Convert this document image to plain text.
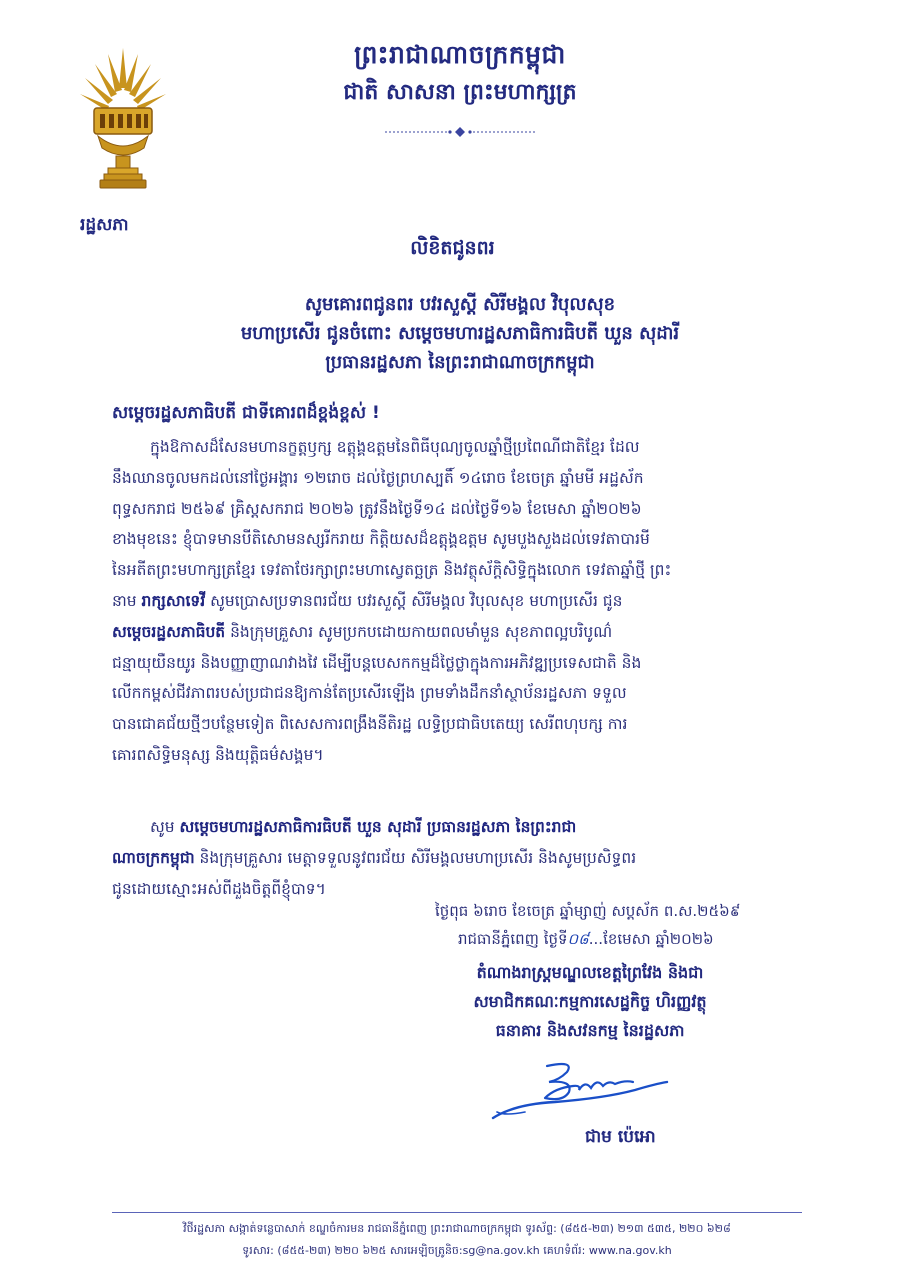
រដ្ឋសភា
ព្រះរាជាណាចក្រកម្ពុជា
ជាតិ សាសនា ព្រះមហាក្សត្រ
លិខិតជូនពរ
សូមគោរពជូនពរ បវរសួស្តី សិរីមង្គល វិបុលសុខ
មហាប្រសើរ ជូនចំពោះ សម្តេចមហារដ្ឋសភាធិការធិបតី ឃួន សុដារី
ប្រធានរដ្ឋសភា នៃព្រះរាជាណាចក្រកម្ពុជា
សម្តេចរដ្ឋសភាធិបតី ជាទីគោរពដ៏ខ្ពង់ខ្ពស់ !
ក្នុងឱកាសដ៏សែនមហានក្ខត្តឫក្ស ឧត្តុង្គឧត្តមនៃពិធីបុណ្យចូលឆ្នាំថ្មីប្រពៃណីជាតិខ្មែរ ដែល
នឹងឈានចូលមកដល់នៅថ្ងៃអង្គារ ១២រោច ដល់ថ្ងៃព្រហស្បតិ៍ ១៤រោច ខែចេត្រ ឆ្នាំមមី អដ្ឋស័ក
ពុទ្ធសករាជ ២៥៦៩ គ្រិស្តសករាជ ២០២៦ ត្រូវនឹងថ្ងៃទី១៤ ដល់ថ្ងៃទី១៦ ខែមេសា ឆ្នាំ២០២៦
ខាងមុខនេះ ខ្ញុំបាទមានបីតិសោមនស្សរីករាយ កិត្តិយសដ៏ឧត្តុង្គឧត្តម សូមបួងសួងដល់ទេវតាបារមី
នៃអតីតព្រះមហាក្សត្រខ្មែរ ទេវតាថែរក្សាព្រះមហាស្វេតច្ឆត្រ និងវត្ថុស័ក្តិសិទ្ធិក្នុងលោក ទេវតាឆ្នាំថ្មី ព្រះ
នាម រាក្សសាទេវី សូមប្រោសប្រទានពរជ័យ បវរសួស្តី សិរីមង្គល វិបុលសុខ មហាប្រសើរ ជូន
សម្តេចរដ្ឋសភាធិបតី និងក្រុមគ្រួសារ សូមប្រកបដោយកាយពលមាំមួន សុខភាពល្អបរិបូណ៌
ជន្មាយុយឺនយូរ និងបញ្ញាញាណវាងវៃ ដើម្បីបន្តបេសកកម្មដ៏ថ្លៃថ្លាក្នុងការអភិវឌ្ឍប្រទេសជាតិ និង
លើកកម្ពស់ជីវភាពរបស់ប្រជាជនឱ្យកាន់តែប្រសើរឡើង ព្រមទាំងដឹកនាំស្ថាប័នរដ្ឋសភា ទទួល
បានជោគជ័យថ្មីៗបន្ថែមទៀត ពិសេសការពង្រឹងនីតិរដ្ឋ លទ្ធិប្រជាធិបតេយ្យ សេរីពហុបក្ស ការ
គោរពសិទ្ធិមនុស្ស និងយុត្តិធម៌សង្គម។
សូម សម្តេចមហារដ្ឋសភាធិការធិបតី ឃួន សុដារី ប្រធានរដ្ឋសភា នៃព្រះរាជា
ណាចក្រកម្ពុជា និងក្រុមគ្រួសារ មេត្តាទទួលនូវពរជ័យ សិរីមង្គលមហាប្រសើរ និងសូមប្រសិទ្ធពរ
ជូនដោយស្មោះអស់ពីដួងចិត្តពីខ្ញុំបាទ។
ថ្ងៃពុធ ៦រោច ខែចេត្រ ឆ្នាំម្សាញ់ សប្តស័ក ព.ស.២៥៦៩
រាជធានីភ្នំពេញ ថ្ងៃទី០៨...ខែមេសា ឆ្នាំ២០២៦
តំណាងរាស្ត្រមណ្ឌលខេត្តព្រៃវែង និងជា
សមាជិកគណៈកម្មការសេដ្ឋកិច្ច ហិរញ្ញវត្ថុ
ធនាគារ និងសវនកម្ម នៃរដ្ឋសភា
ជាម ប៉េអោ
វិថីរដ្ឋសភា សង្កាត់ទន្លេបាសាក់ ខណ្ឌចំការមន រាជធានីភ្នំពេញ ព្រះរាជាណាចក្រកម្ពុជា ទូរស័ព្ទ: (៨៥៥-២៣) ២១៣ ៥៣៥, ២២០ ៦២៨
ទូរសារ: (៨៥៥-២៣) ២២០ ៦២៥ សារអេឡិចត្រូនិច:sg@na.gov.kh គេហទំព័រ: www.na.gov.kh
